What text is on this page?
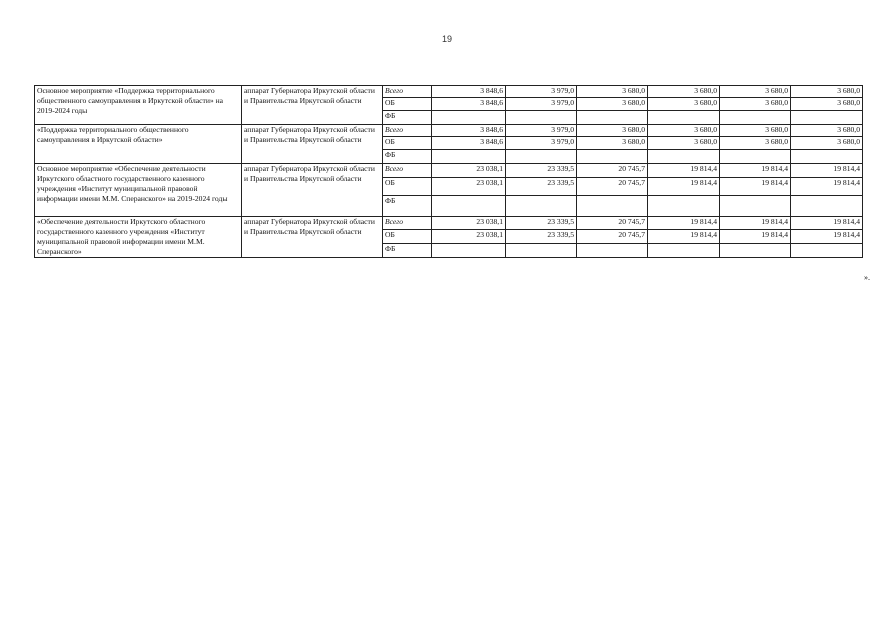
19
Основное мероприятие «Поддержка территориального общественного самоуправления в Иркутской области» на 2019-2024 годы	аппарат Губернатора Иркутской области и Правительства Иркутской области	Всего	3 848,6	3 979,0	3 680,0	3 680,0	3 680,0	3 680,0
		ОБ	3 848,6	3 979,0	3 680,0	3 680,0	3 680,0	3 680,0
		ФБ						
«Поддержка территориального общественного самоуправления в Иркутской области»	аппарат Губернатора Иркутской области и Правительства Иркутской области	Всего	3 848,6	3 979,0	3 680,0	3 680,0	3 680,0	3 680,0
		ОБ	3 848,6	3 979,0	3 680,0	3 680,0	3 680,0	3 680,0
		ФБ						
Основное мероприятие «Обеспечение деятельности Иркутского областного государственного казенного учреждения «Институт муниципальной правовой информации имени М.М. Сперанского» на 2019-2024 годы	аппарат Губернатора Иркутской области и Правительства Иркутской области	Всего	23 038,1	23 339,5	20 745,7	19 814,4	19 814,4	19 814,4
		ОБ	23 038,1	23 339,5	20 745,7	19 814,4	19 814,4	19 814,4
		ФБ						
«Обеспечение деятельности Иркутского областного государственного казенного учреждения «Институт муниципальной правовой информации имени М.М. Сперанского»	аппарат Губернатора Иркутской области и Правительства Иркутской области	Всего	23 038,1	23 339,5	20 745,7	19 814,4	19 814,4	19 814,4
		ОБ	23 038,1	23 339,5	20 745,7	19 814,4	19 814,4	19 814,4
		ФБ						
».
